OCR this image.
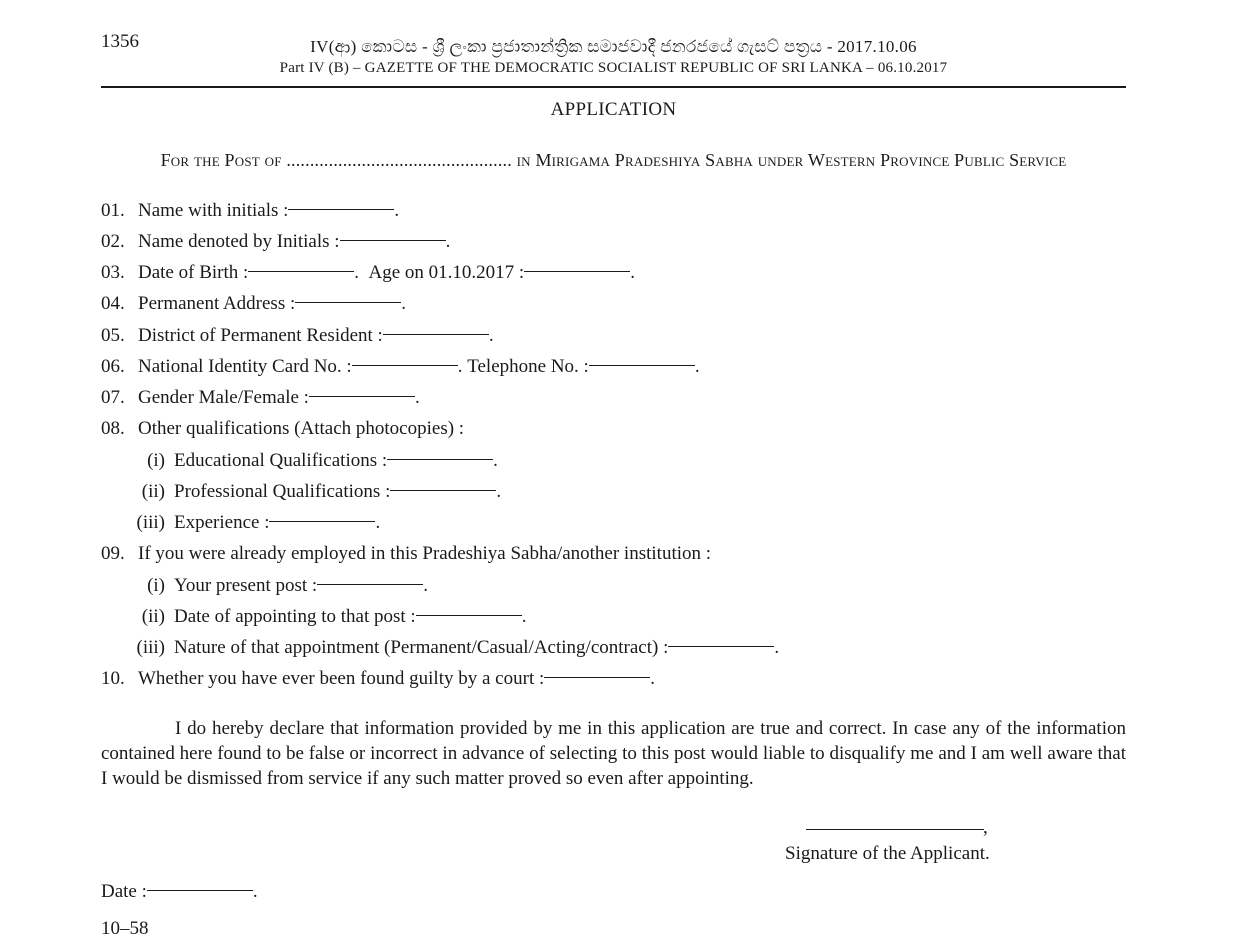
1356	IV(ආ) කොටස - ශ්‍රී ලංකා ප්‍රජාතාන්ත්‍රික සමාජවාදී ජනරජයේ ගැසට් පත්‍රය - 2017.10.06
Part IV (B) – GAZETTE OF THE DEMOCRATIC SOCIALIST REPUBLIC OF SRI LANKA – 06.10.2017
APPLICATION
For the Post of ................................................ in Mirigama Pradeshiya Sabha under Western Province Public Service
01. Name with initials :	.
02. Name denoted by Initials :	.
03. Date of Birth :	. Age on 01.10.2017 :	.
04. Permanent Address :	.
05. District of Permanent Resident :	.
06. National Identity Card No. :	. Telephone No. :	.
07. Gender Male/Female :	.
08. Other qualifications (Attach photocopies) :
(i) Educational Qualifications :	.
(ii) Professional Qualifications :	.
(iii) Experience :	.
09. If you were already employed in this Pradeshiya Sabha/another institution :
(i) Your present post :	.
(ii) Date of appointing to that post :	.
(iii) Nature of that appointment (Permanent/Casual/Acting/contract) :	.
10. Whether you have ever been found guilty by a court :	.
I do hereby declare that information provided by me in this application are true and correct. In case any of the information contained here found to be false or incorrect in advance of selecting to this post would liable to disqualify me and I am well aware that I would be dismissed from service if any such matter proved so even after appointing.
,
Signature of the Applicant.
Date :	.
10–58
